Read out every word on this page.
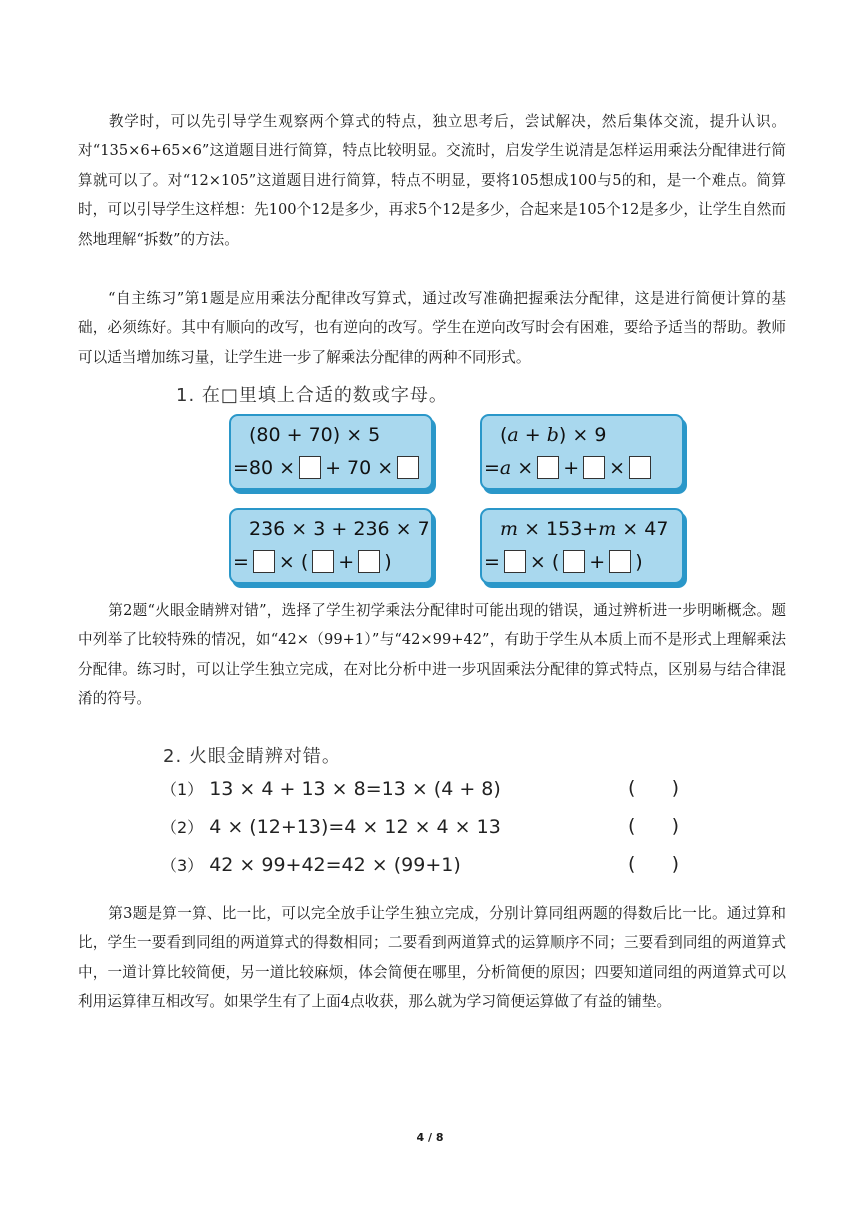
教学时，可以先引导学生观察两个算式的特点，独立思考后，尝试解决，然后集体交流，提升认识。对“135×6+65×6”这道题目进行简算，特点比较明显。交流时，启发学生说清是怎样运用乘法分配律进行简算就可以了。对“12×105”这道题目进行简算，特点不明显，要将105想成100与5的和，是一个难点。简算时，可以引导学生这样想：先100个12是多少，再求5个12是多少，合起来是105个12是多少，让学生自然而然地理解“拆数”的方法。

“自主练习”第1题是应用乘法分配律改写算式，通过改写准确把握乘法分配律，这是进行简便计算的基础，必须练好。其中有顺向的改写，也有逆向的改写。学生在逆向改写时会有困难，要给予适当的帮助。教师可以适当增加练习量，让学生进一步了解乘法分配律的两种不同形式。

1. 在□里填上合适的数或字母。
(80 + 70) × 5
=80 × + 70 ×
(a + b) × 9
=a × + ×
236 × 3 + 236 × 7
= × ( + )
m × 153+m × 47
= × ( + )

第2题“火眼金睛辨对错”，选择了学生初学乘法分配律时可能出现的错误，通过辨析进一步明晰概念。题中列举了比较特殊的情况，如“42×（99+1）”与“42×99+42”，有助于学生从本质上而不是形式上理解乘法分配律。练习时，可以让学生独立完成，在对比分析中进一步巩固乘法分配律的算式特点，区别易与结合律混淆的符号。

2. 火眼金睛辨对错。
（1） 13 × 4 + 13 × 8=13 × (4 + 8)	(      )
（2） 4 × (12+13)=4 × 12 × 4 × 13	(      )
（3） 42 × 99+42=42 × (99+1)	(      )

第3题是算一算、比一比，可以完全放手让学生独立完成，分别计算同组两题的得数后比一比。通过算和比，学生一要看到同组的两道算式的得数相同；二要看到两道算式的运算顺序不同；三要看到同组的两道算式中，一道计算比较简便，另一道比较麻烦，体会简便在哪里，分析简便的原因；四要知道同组的两道算式可以利用运算律互相改写。如果学生有了上面4点收获，那么就为学习简便运算做了有益的铺垫。

4 / 8
